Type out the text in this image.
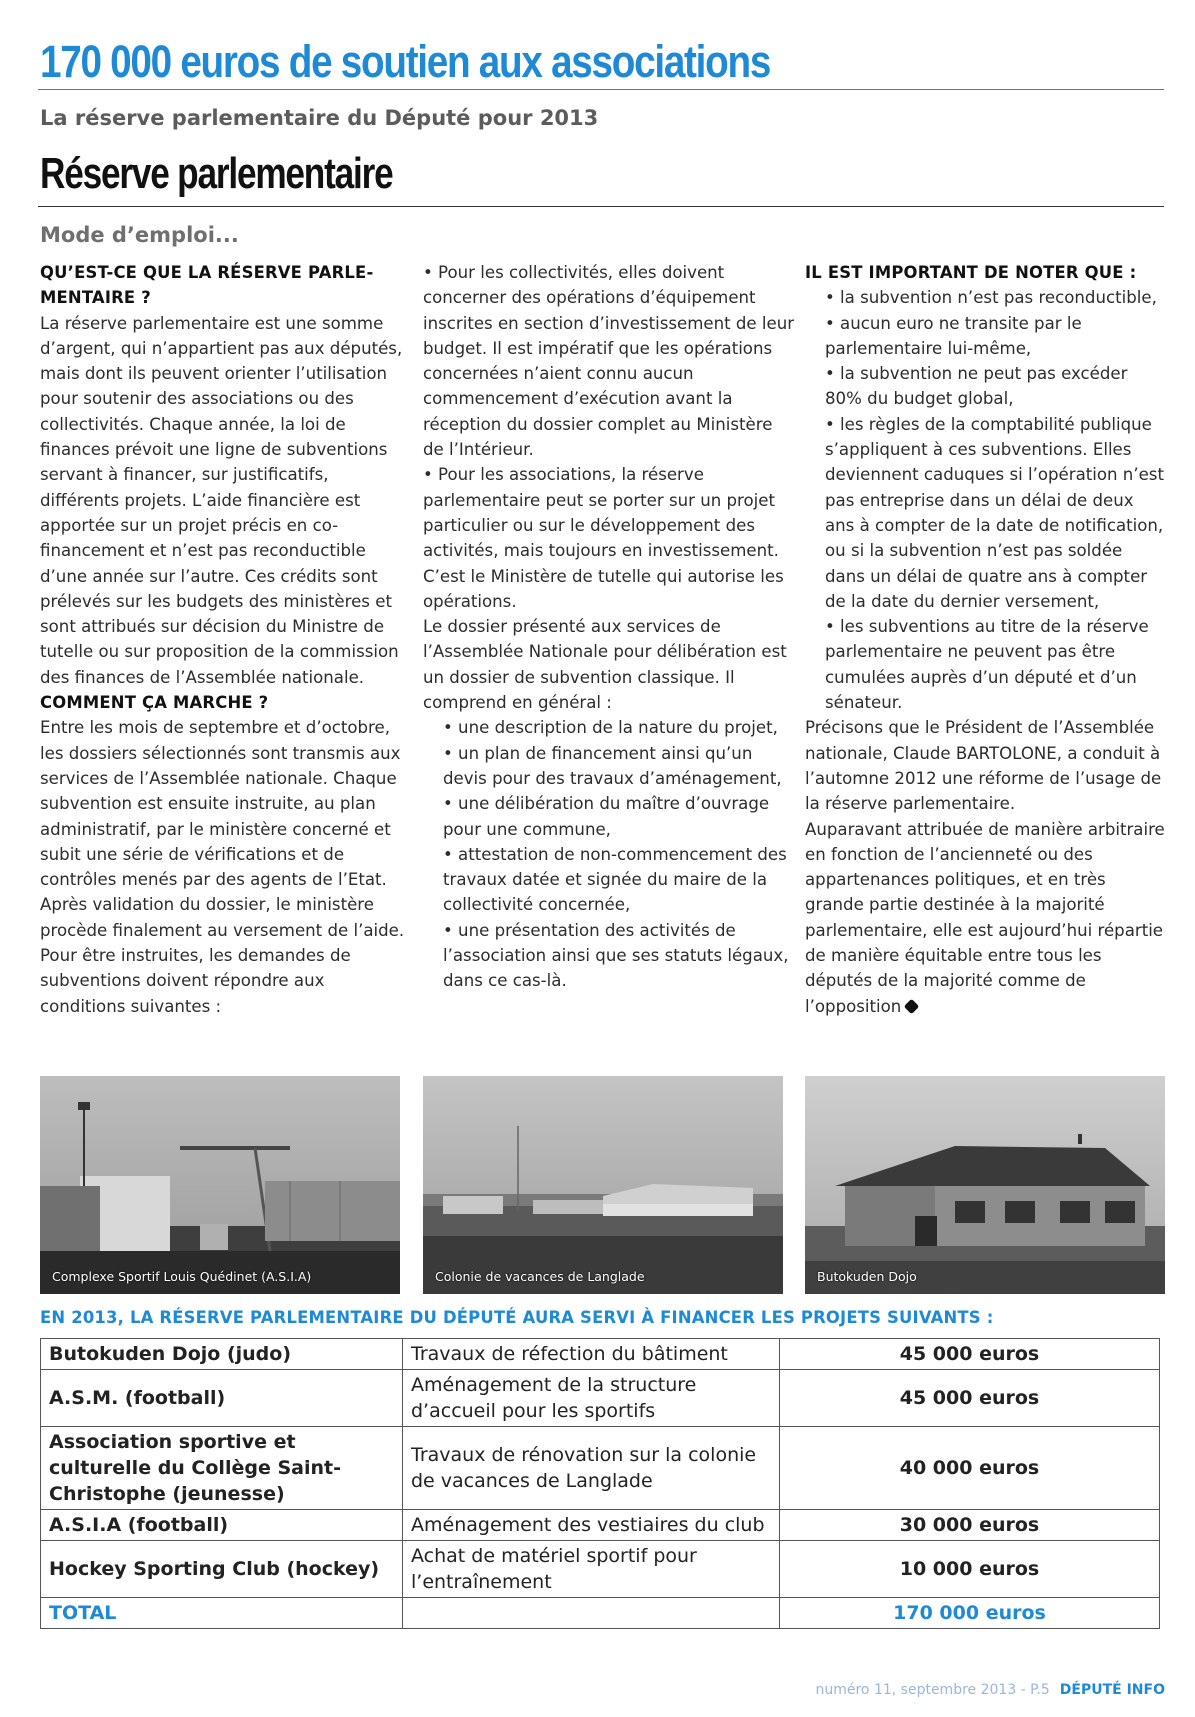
170 000 euros de soutien aux associations
La réserve parlementaire du Député pour 2013
Réserve parlementaire
Mode d’emploi...

QU’EST-CE QUE LA RÉSERVE PARLE-MENTAIRE ?

La réserve parlementaire est une somme d’argent, qui n’appartient pas aux députés, mais dont ils peuvent orienter l’utilisation pour soutenir des associations ou des collectivités. Chaque année, la loi de finances prévoit une ligne de subventions servant à financer, sur justificatifs, différents projets. L’aide financière est apportée sur un projet précis en co-financement et n’est pas reconductible d’une année sur l’autre. Ces crédits sont prélevés sur les budgets des ministères et sont attribués sur décision du Ministre de tutelle ou sur proposition de la commission des finances de l’Assemblée nationale.

COMMENT ÇA MARCHE ?

Entre les mois de septembre et d’octobre, les dossiers sélectionnés sont transmis aux services de l’Assemblée nationale. Chaque subvention est ensuite instruite, au plan administratif, par le ministère concerné et subit une série de vérifications et de contrôles menés par des agents de l’Etat. Après validation du dossier, le ministère procède finalement au versement de l’aide.

Pour être instruites, les demandes de subventions doivent répondre aux conditions suivantes :

• Pour les collectivités, elles doivent concerner des opérations d’équipement inscrites en section d’investissement de leur budget. Il est impératif que les opérations concernées n’aient connu aucun commencement d’exécution avant la réception du dossier complet au Ministère de l’Intérieur.

• Pour les associations, la réserve parlementaire peut se porter sur un projet particulier ou sur le développement des activités, mais toujours en investissement. C’est le Ministère de tutelle qui autorise les opérations.

Le dossier présenté aux services de l’Assemblée Nationale pour délibération est un dossier de subvention classique. Il comprend en général :

• une description de la nature du projet,

• un plan de financement ainsi qu’un devis pour des travaux d’aménagement,

• une délibération du maître d’ouvrage pour une commune,

• attestation de non-commencement des travaux datée et signée du maire de la collectivité concernée,

• une présentation des activités de l’association ainsi que ses statuts légaux, dans ce cas-là.

IL EST IMPORTANT DE NOTER QUE :

• la subvention n’est pas reconductible,

• aucun euro ne transite par le parlementaire lui-même,

• la subvention ne peut pas excéder 80% du budget global,

• les règles de la comptabilité publique s’appliquent à ces subventions. Elles deviennent caduques si l’opération n’est pas entreprise dans un délai de deux ans à compter de la date de notification, ou si la subvention n’est pas soldée dans un délai de quatre ans à compter de la date du dernier versement,

• les subventions au titre de la réserve parlementaire ne peuvent pas être cumulées auprès d’un député et d’un sénateur.

Précisons que le Président de l’Assemblée nationale, Claude BARTOLONE, a conduit à l’automne 2012 une réforme de l’usage de la réserve parlementaire.

Auparavant attribuée de manière arbitraire en fonction de l’ancienneté ou des appartenances politiques, et en très grande partie destinée à la majorité parlementaire, elle est aujourd’hui répartie de manière équitable entre tous les députés de la majorité comme de l’opposition

Complexe Sportif Louis Quédinet (A.S.I.A)	Colonie de vacances de Langlade	Butokuden Dojo
EN 2013, LA RÉSERVE PARLEMENTAIRE DU DÉPUTÉ AURA SERVI À FINANCER LES PROJETS SUIVANTS :
Butokuden Dojo (judo)	Travaux de réfection du bâtiment	45 000 euros
A.S.M. (football)	Aménagement de la structure d’accueil pour les sportifs	45 000 euros
Association sportive et culturelle du Collège Saint-Christophe (jeunesse)	Travaux de rénovation sur la colonie de vacances de Langlade	40 000 euros
A.S.I.A (football)	Aménagement des vestiaires du club	30 000 euros
Hockey Sporting Club (hockey)	Achat de matériel sportif pour l’entraînement	10 000 euros
TOTAL		170 000 euros
numéro 11, septembre 2013 - P.5 DÉPUTÉ INFO
